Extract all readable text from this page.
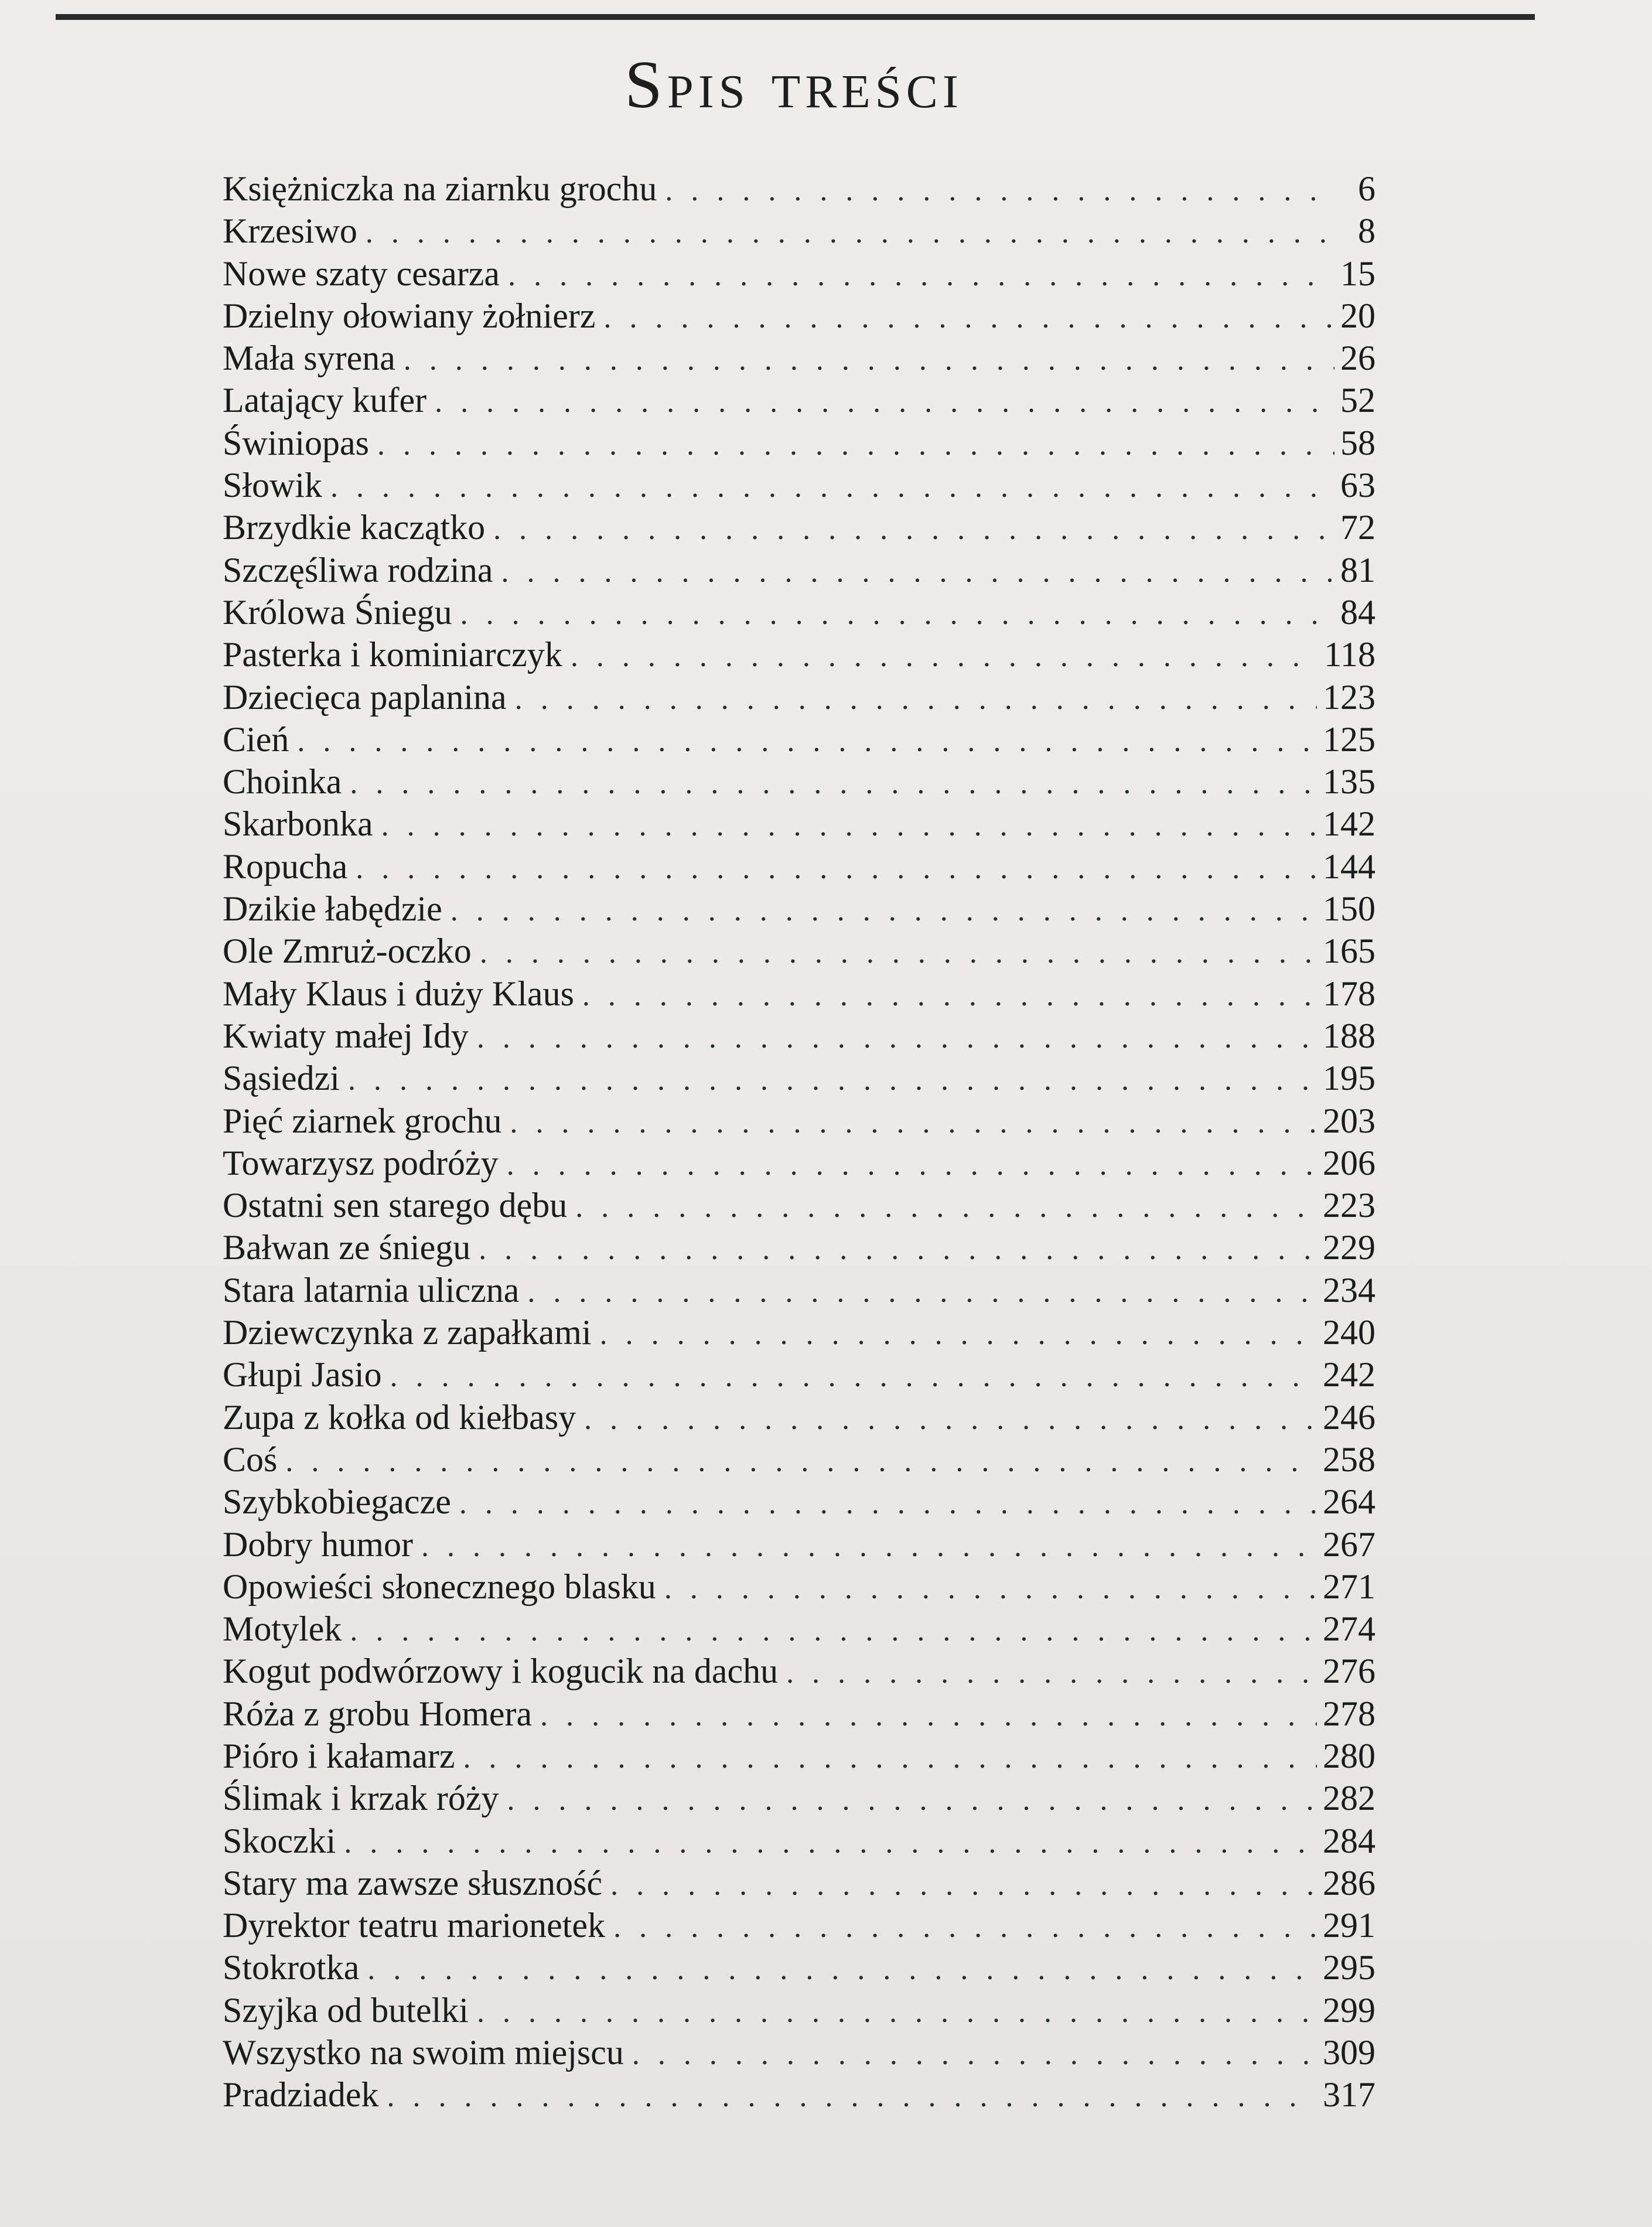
Spis treści
Księżniczka na ziarnku grochu . . .	6
Krzesiwo . . .	8
Nowe szaty cesarza . . .	15
Dzielny ołowiany żołnierz . . .	20
Mała syrena . . .	26
Latający kufer . . .	52
Świniopas . . .	58
Słowik . . .	63
Brzydkie kaczątko . . .	72
Szczęśliwa rodzina . . .	81
Królowa Śniegu . . .	84
Pasterka i kominiarczyk . . .	118
Dziecięca paplanina . . .	123
Cień . . .	125
Choinka . . .	135
Skarbonka . . .	142
Ropucha . . .	144
Dzikie łabędzie . . .	150
Ole Zmruż-oczko . . .	165
Mały Klaus i duży Klaus . . .	178
Kwiaty małej Idy . . .	188
Sąsiedzi . . .	195
Pięć ziarnek grochu . . .	203
Towarzysz podróży . . .	206
Ostatni sen starego dębu . . .	223
Bałwan ze śniegu . . .	229
Stara latarnia uliczna . . .	234
Dziewczynka z zapałkami . . .	240
Głupi Jasio . . .	242
Zupa z kołka od kiełbasy . . .	246
Coś . . .	258
Szybkobiegacze . . .	264
Dobry humor . . .	267
Opowieści słonecznego blasku . . .	271
Motylek . . .	274
Kogut podwórzowy i kogucik na dachu . . .	276
Róża z grobu Homera . . .	278
Pióro i kałamarz . . .	280
Ślimak i krzak róży . . .	282
Skoczki . . .	284
Stary ma zawsze słuszność . . .	286
Dyrektor teatru marionetek . . .	291
Stokrotka . . .	295
Szyjka od butelki . . .	299
Wszystko na swoim miejscu . . .	309
Pradziadek . . .	317
